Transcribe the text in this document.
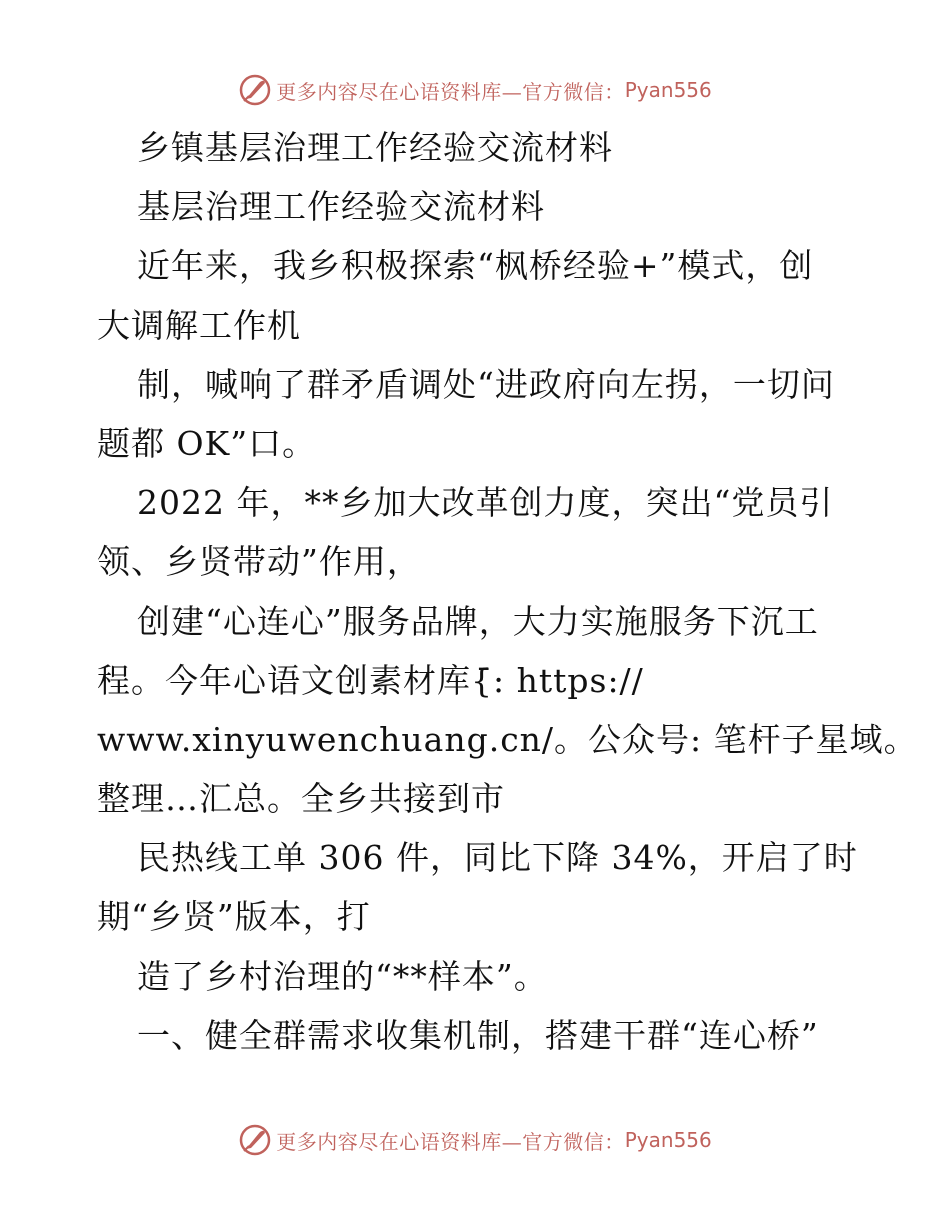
更多内容尽在心语资料库—官方微信： Pyan556
乡镇基层治理工作经验交流材料
基层治理工作经验交流材料
近年来，我乡积极探索“枫桥经验+”模式，创
大调解工作机
制，喊响了群矛盾调处“进政府向左拐，一切问
题都 OK”口。
2022 年，**乡加大改革创力度，突出“党员引
领、乡贤带动”作用，
创建“心连心”服务品牌，大力实施服务下沉工
程。今年心语文创素材库{̄: https://
www.xinyuwenchuang.cn/。公众号: 笔杆子星域。
整理…汇总。全乡共接到市
民热线工单 306 件，同比下降 34%，开启了时
期“乡贤”版本，打
造了乡村治理的“**样本”。
一、健全群需求收集机制，搭建干群“连心桥”
更多内容尽在心语资料库—官方微信： Pyan556
